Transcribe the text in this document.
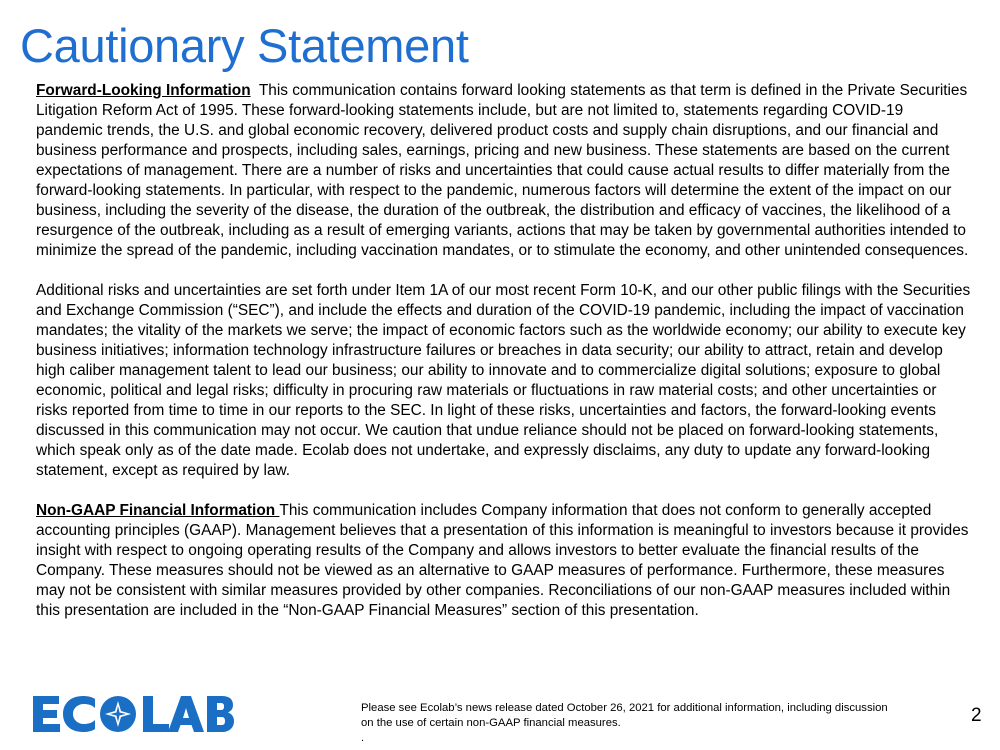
Cautionary Statement

Forward-Looking Information  This communication contains forward looking statements as that term is defined in the Private Securities Litigation Reform Act of 1995. These forward-looking statements include, but are not limited to, statements regarding COVID-19 pandemic trends, the U.S. and global economic recovery, delivered product costs and supply chain disruptions, and our financial and business performance and prospects, including sales, earnings, pricing and new business. These statements are based on the current expectations of management. There are a number of risks and uncertainties that could cause actual results to differ materially from the forward-looking statements. In particular, with respect to the pandemic, numerous factors will determine the extent of the impact on our business, including the severity of the disease, the duration of the outbreak, the distribution and efficacy of vaccines, the likelihood of a resurgence of the outbreak, including as a result of emerging variants, actions that may be taken by governmental authorities intended to minimize the spread of the pandemic, including vaccination mandates, or to stimulate the economy, and other unintended consequences.

Additional risks and uncertainties are set forth under Item 1A of our most recent Form 10-K, and our other public filings with the Securities and Exchange Commission (“SEC”), and include the effects and duration of the COVID-19 pandemic, including the impact of vaccination mandates; the vitality of the markets we serve; the impact of economic factors such as the worldwide economy; our ability to execute key business initiatives; information technology infrastructure failures or breaches in data security; our ability to attract, retain and develop high caliber management talent to lead our business; our ability to innovate and to commercialize digital solutions; exposure to global economic, political and legal risks; difficulty in procuring raw materials or fluctuations in raw material costs; and other uncertainties or risks reported from time to time in our reports to the SEC. In light of these risks, uncertainties and factors, the forward-looking events discussed in this communication may not occur. We caution that undue reliance should not be placed on forward-looking statements, which speak only as of the date made. Ecolab does not undertake, and expressly disclaims, any duty to update any forward-looking statement, except as required by law.

Non-GAAP Financial Information This communication includes Company information that does not conform to generally accepted accounting principles (GAAP). Management believes that a presentation of this information is meaningful to investors because it provides insight with respect to ongoing operating results of the Company and allows investors to better evaluate the financial results of the Company. These measures should not be viewed as an alternative to GAAP measures of performance. Furthermore, these measures may not be consistent with similar measures provided by other companies. Reconciliations of our non-GAAP measures included within this presentation are included in the “Non-GAAP Financial Measures” section of this presentation.

Please see Ecolab’s news release dated October 26, 2021 for additional information, including discussion on the use of certain non-GAAP financial measures.
.
2
